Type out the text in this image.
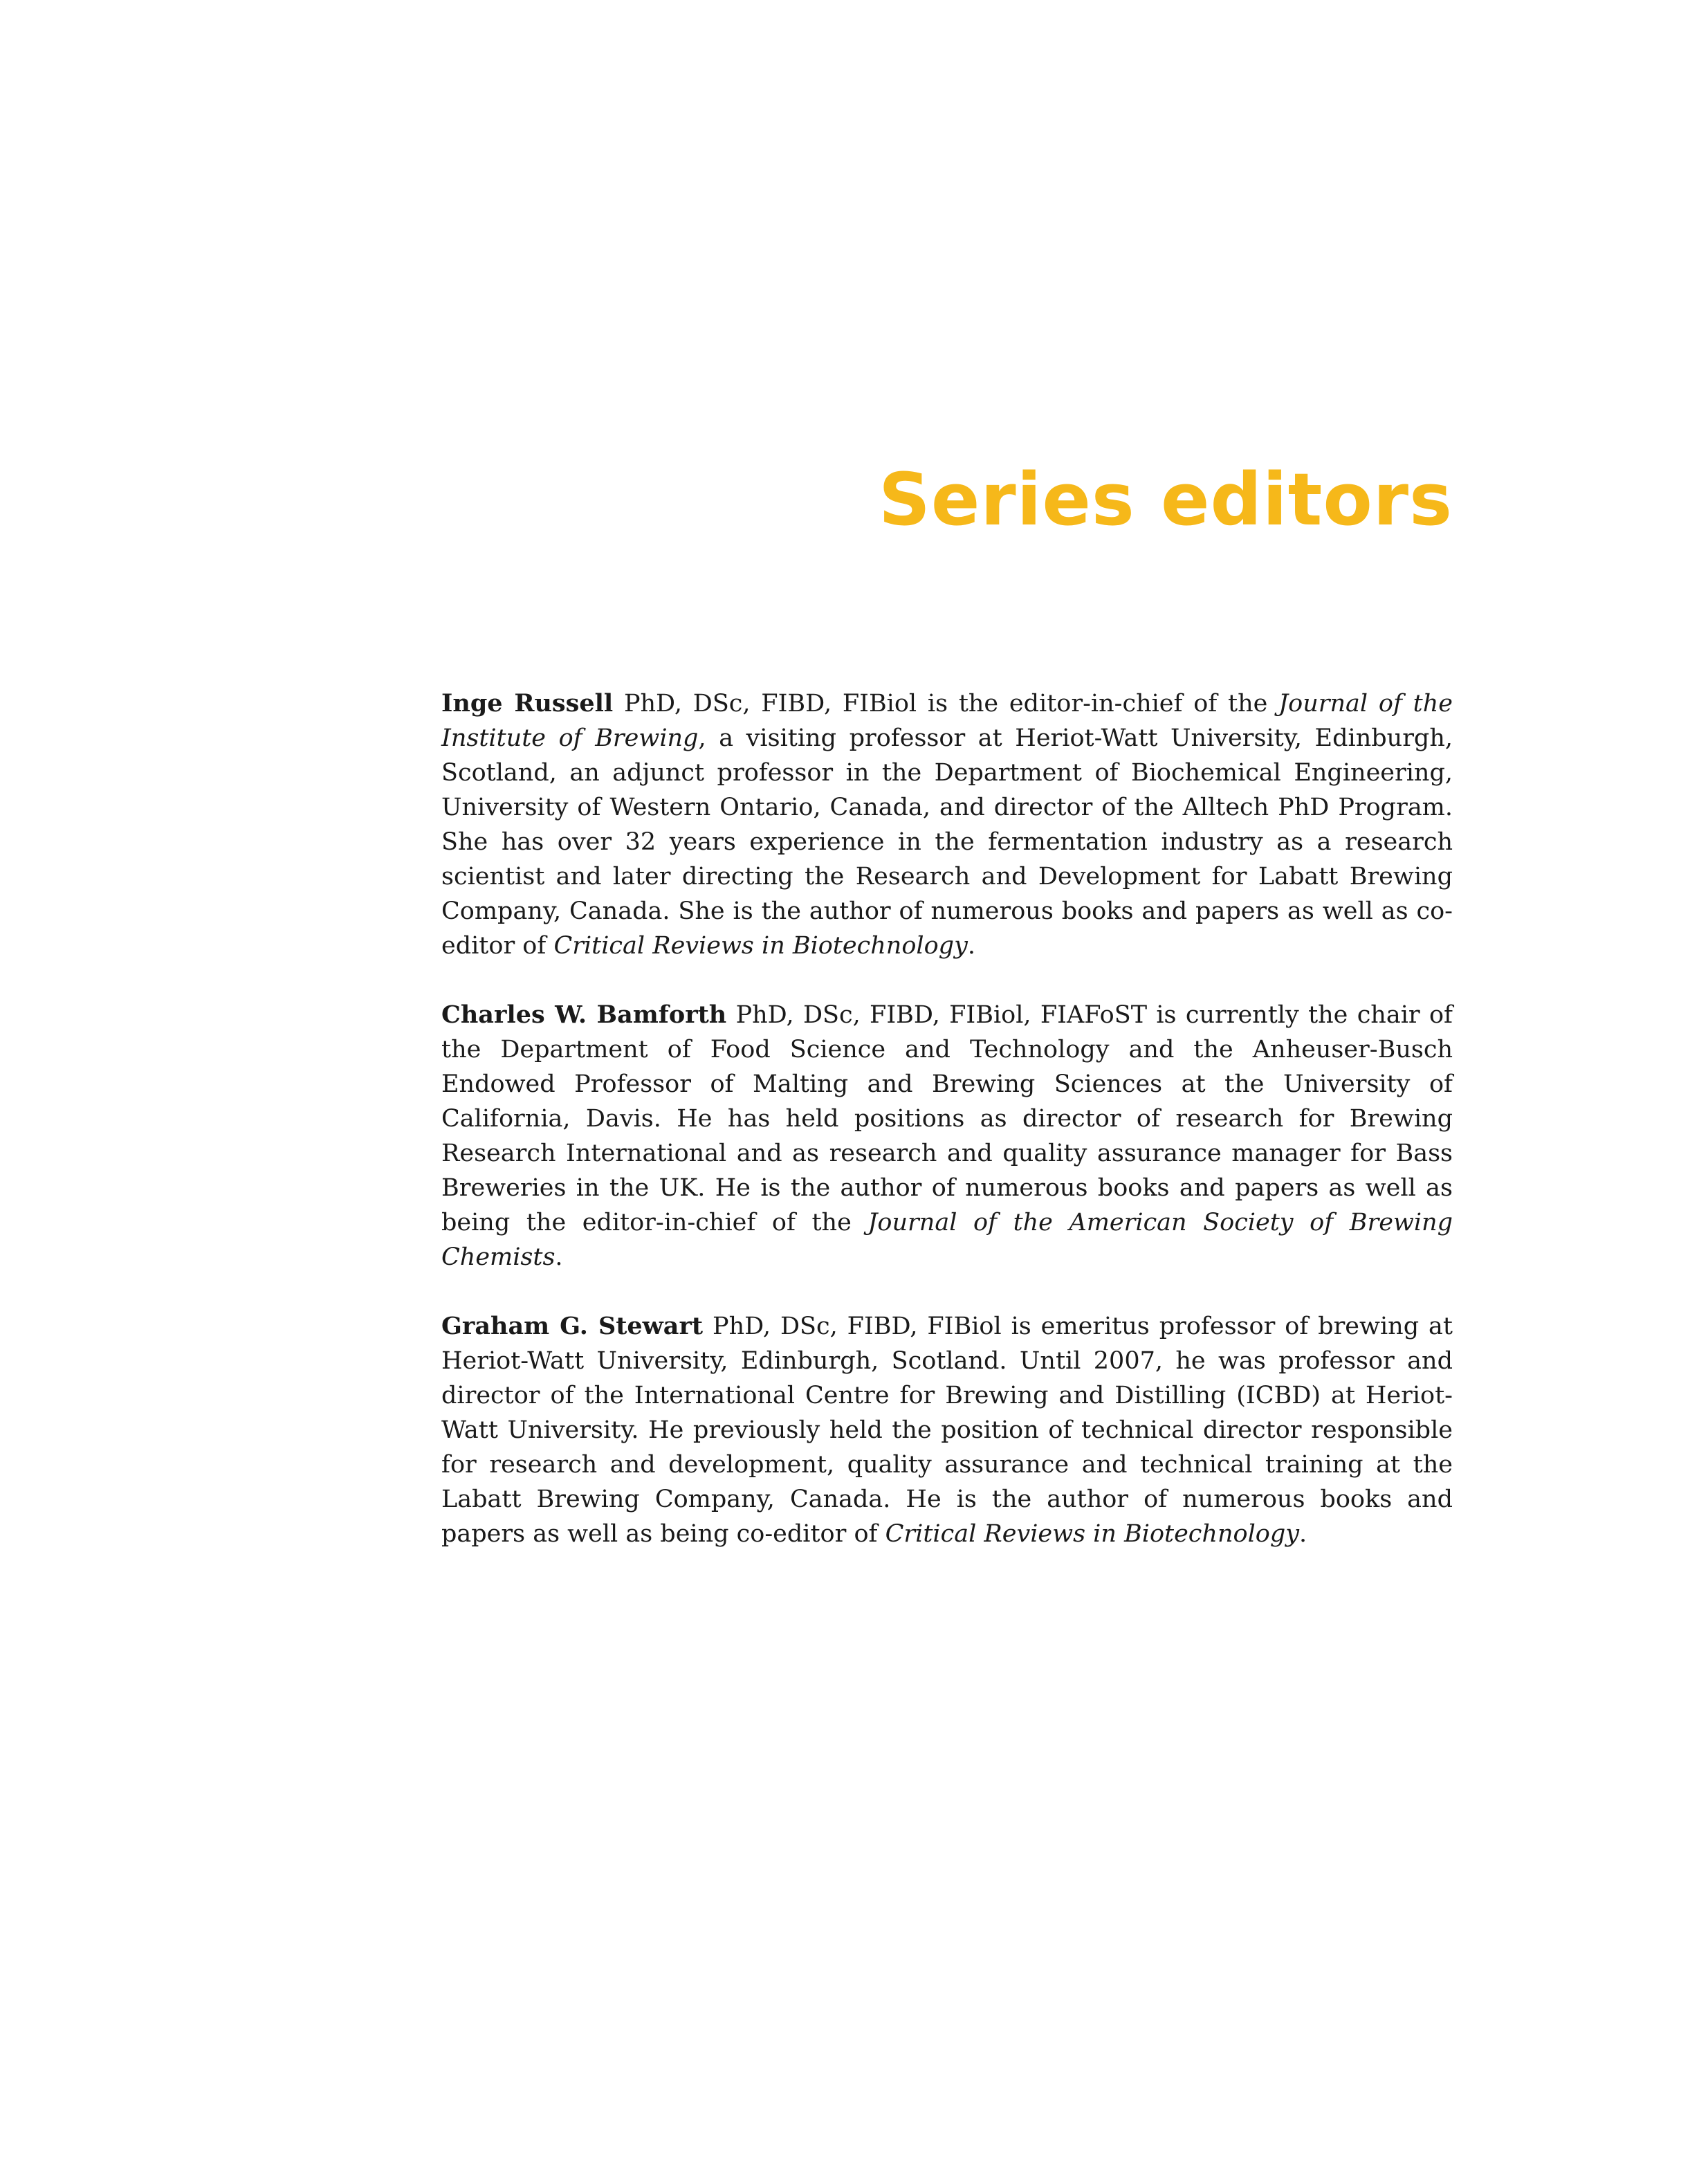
Series editors

Inge Russell PhD, DSc, FIBD, FIBiol is the editor-in-chief of the Journal of the Institute of Brewing, a visiting professor at Heriot-Watt University, Edinburgh, Scotland, an adjunct professor in the Department of Biochemical Engineering, University of Western Ontario, Canada, and director of the Alltech PhD Program. She has over 32 years experience in the fermentation industry as a research scientist and later directing the Research and Development for Labatt Brewing Company, Canada. She is the author of numerous books and papers as well as co-editor of Critical Reviews in Biotechnology.

Charles W. Bamforth PhD, DSc, FIBD, FIBiol, FIAFoST is currently the chair of the Department of Food Science and Technology and the Anheuser-Busch Endowed Professor of Malting and Brewing Sciences at the University of California, Davis. He has held positions as director of research for Brewing Research International and as research and quality assurance manager for Bass Breweries in the UK. He is the author of numerous books and papers as well as being the editor-in-chief of the Journal of the American Society of Brewing Chemists.

Graham G. Stewart PhD, DSc, FIBD, FIBiol is emeritus professor of brewing at Heriot-Watt University, Edinburgh, Scotland. Until 2007, he was professor and director of the International Centre for Brewing and Distilling (ICBD) at Heriot-Watt University. He previously held the position of technical director responsible for research and development, quality assurance and technical training at the Labatt Brewing Company, Canada. He is the author of numerous books and papers as well as being co-editor of Critical Reviews in Biotechnology.
